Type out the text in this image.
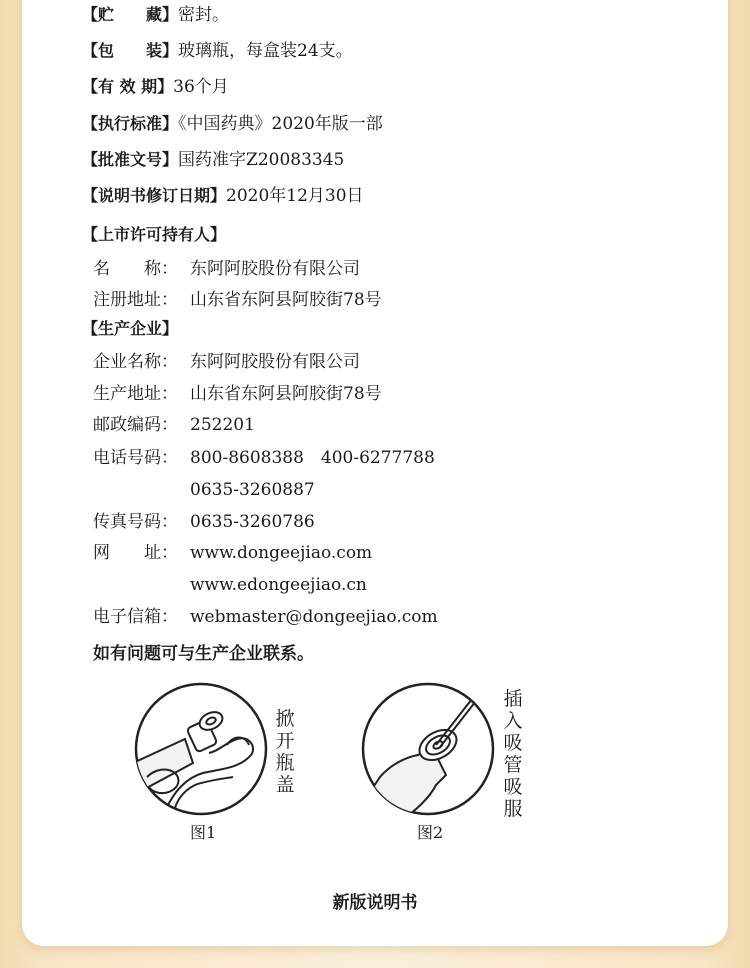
【贮　　藏】密封。
【包　　装】玻璃瓶，每盒装24支。
【有 效 期】36个月
【执行标准】《中国药典》2020年版一部
【批准文号】国药准字Z20083345
【说明书修订日期】2020年12月30日
【上市许可持有人】
名　　称： 东阿阿胶股份有限公司
注册地址： 山东省东阿县阿胶街78号
【生产企业】
企业名称： 东阿阿胶股份有限公司
生产地址： 山东省东阿县阿胶街78号
邮政编码： 252201
电话号码： 800-8608388　400-6277788
0635-3260887
传真号码： 0635-3260786
网　　址： www.dongeejiao.com
www.edongeejiao.cn
电子信箱： webmaster@dongeejiao.com
如有问题可与生产企业联系。
掀开瓶盖
图1
插入吸管吸服
图2
新版说明书
